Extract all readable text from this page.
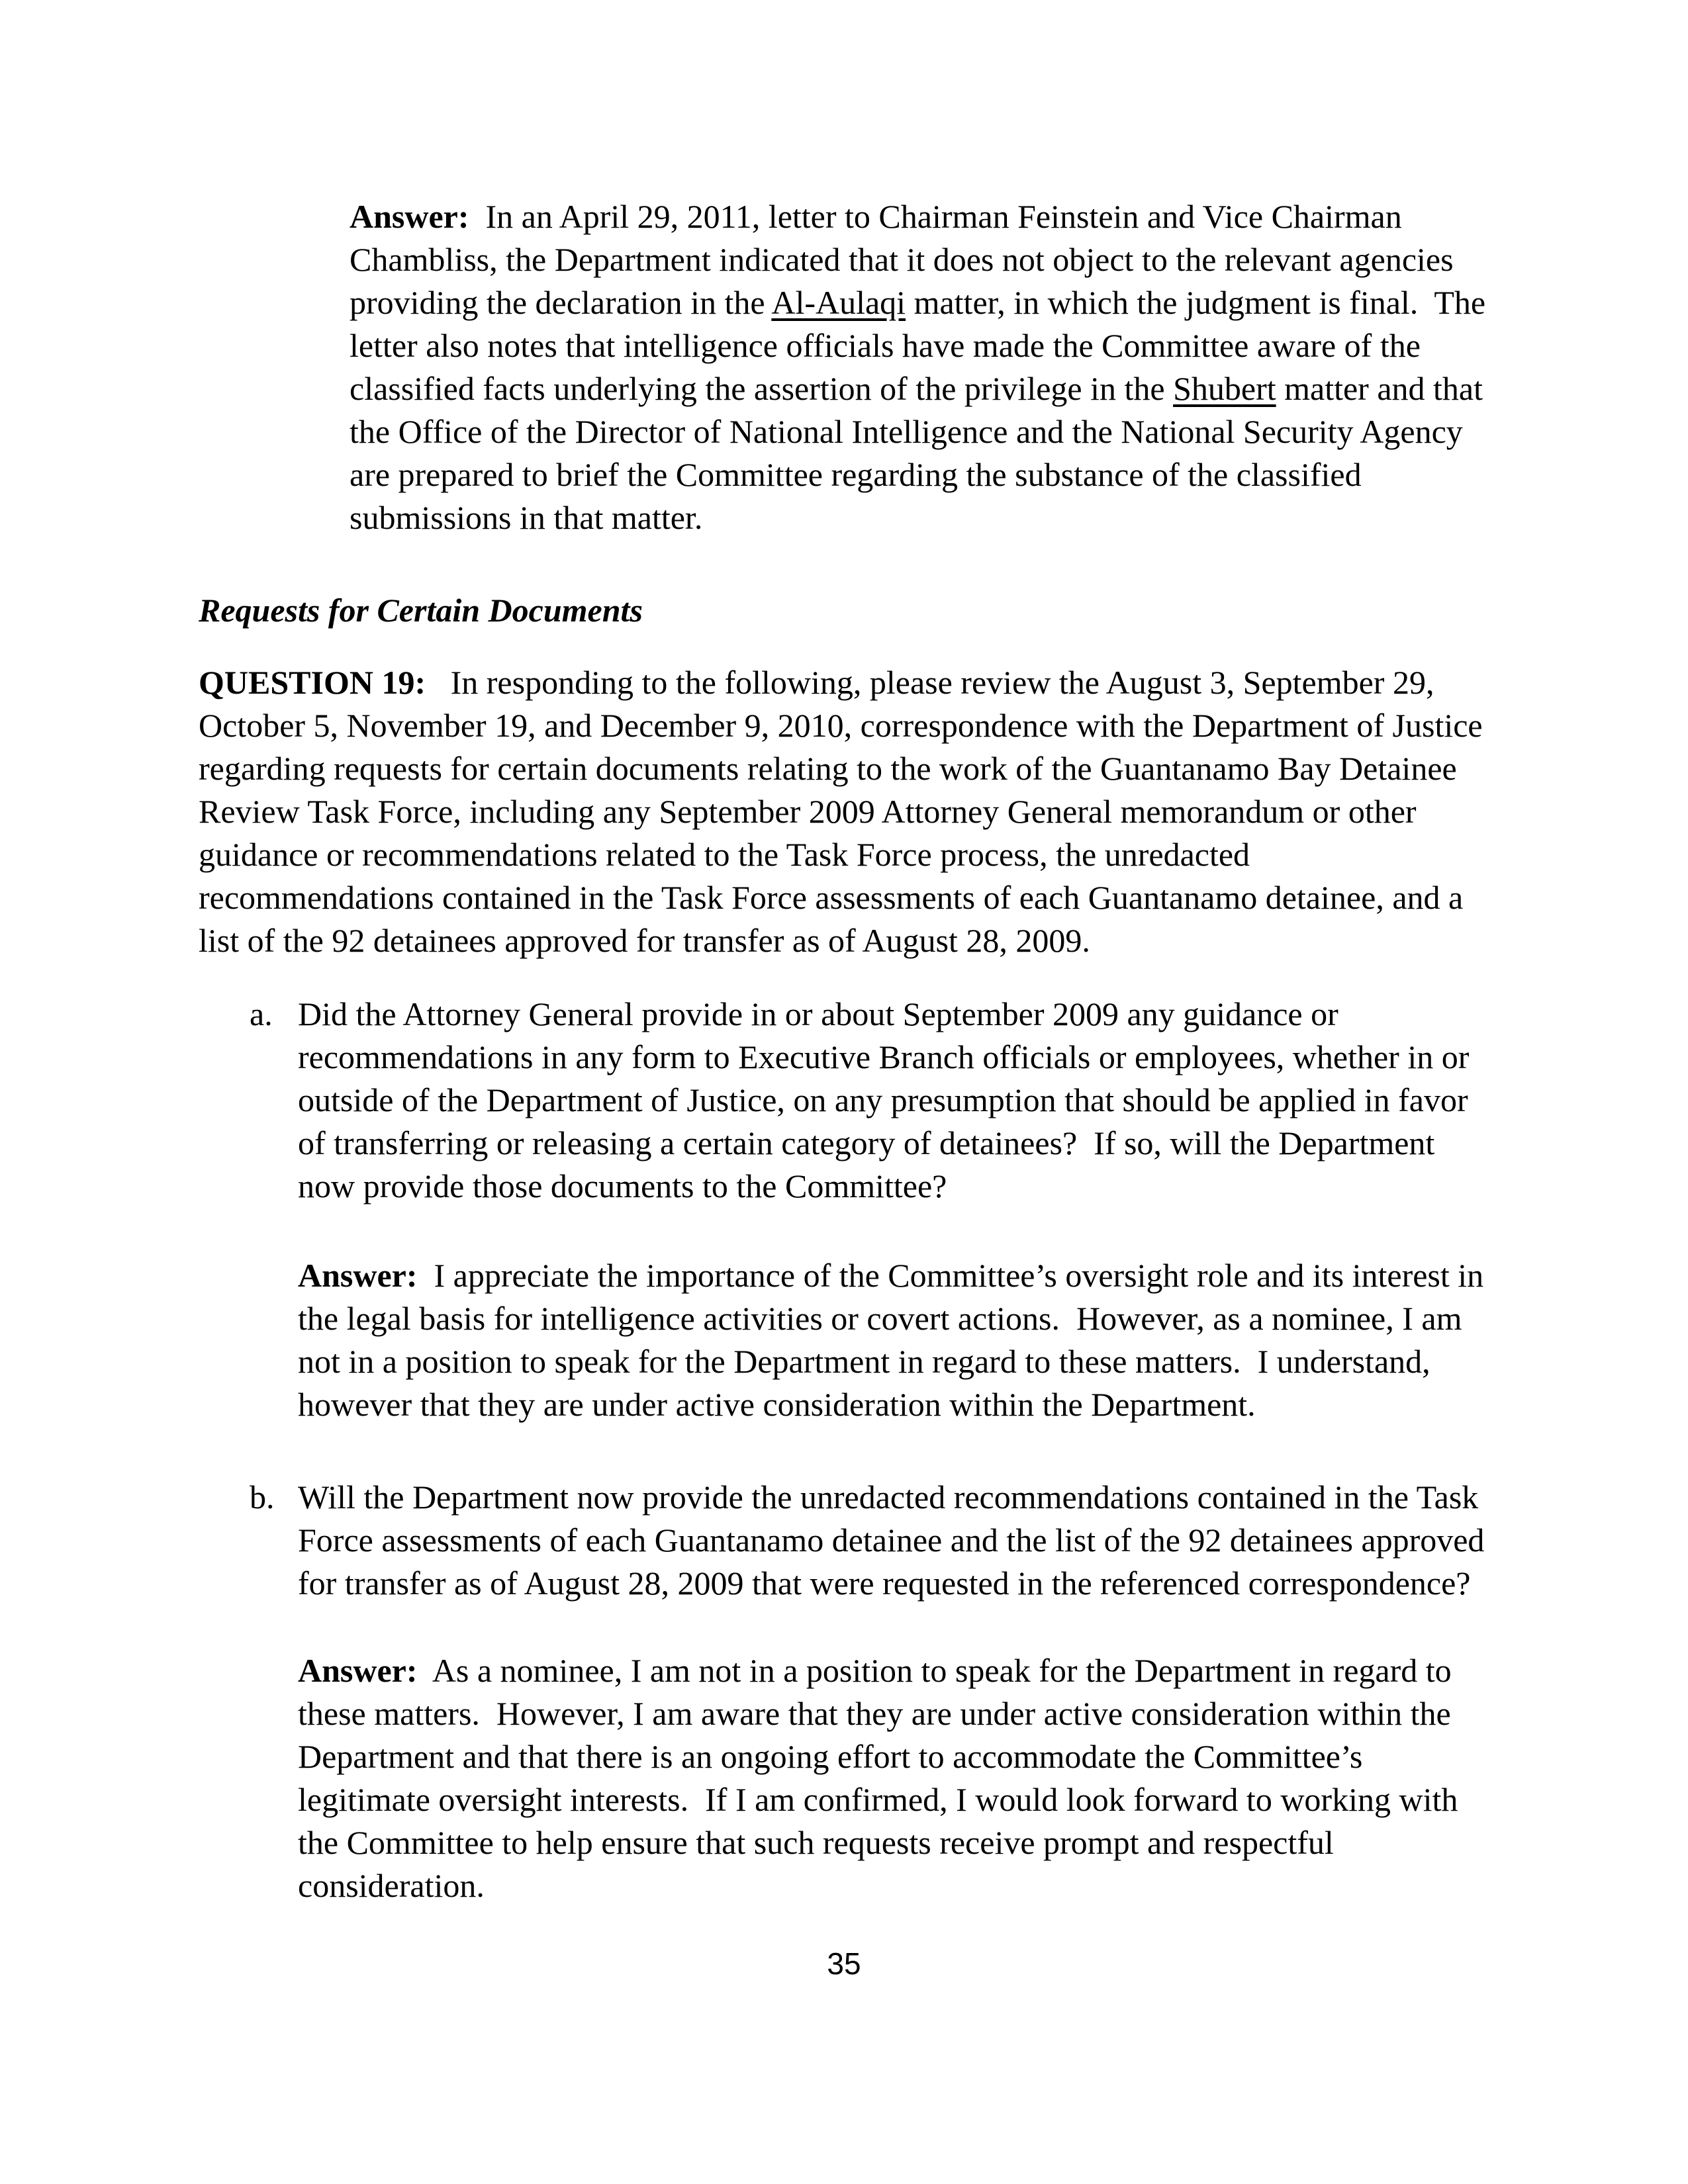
Answer:  In an April 29, 2011, letter to Chairman Feinstein and Vice Chairman
Chambliss, the Department indicated that it does not object to the relevant agencies
providing the declaration in the Al-Aulaqi matter, in which the judgment is final.  The
letter also notes that intelligence officials have made the Committee aware of the
classified facts underlying the assertion of the privilege in the Shubert matter and that
the Office of the Director of National Intelligence and the National Security Agency
are prepared to brief the Committee regarding the substance of the classified
submissions in that matter.
Requests for Certain Documents
QUESTION 19:   In responding to the following, please review the August 3, September 29,
October 5, November 19, and December 9, 2010, correspondence with the Department of Justice
regarding requests for certain documents relating to the work of the Guantanamo Bay Detainee
Review Task Force, including any September 2009 Attorney General memorandum or other
guidance or recommendations related to the Task Force process, the unredacted
recommendations contained in the Task Force assessments of each Guantanamo detainee, and a
list of the 92 detainees approved for transfer as of August 28, 2009.
a. Did the Attorney General provide in or about September 2009 any guidance or
recommendations in any form to Executive Branch officials or employees, whether in or
outside of the Department of Justice, on any presumption that should be applied in favor
of transferring or releasing a certain category of detainees?  If so, will the Department
now provide those documents to the Committee?
Answer:  I appreciate the importance of the Committee’s oversight role and its interest in
the legal basis for intelligence activities or covert actions.  However, as a nominee, I am
not in a position to speak for the Department in regard to these matters.  I understand,
however that they are under active consideration within the Department.
b. Will the Department now provide the unredacted recommendations contained in the Task
Force assessments of each Guantanamo detainee and the list of the 92 detainees approved
for transfer as of August 28, 2009 that were requested in the referenced correspondence?
Answer:  As a nominee, I am not in a position to speak for the Department in regard to
these matters.  However, I am aware that they are under active consideration within the
Department and that there is an ongoing effort to accommodate the Committee’s
legitimate oversight interests.  If I am confirmed, I would look forward to working with
the Committee to help ensure that such requests receive prompt and respectful
consideration.
35
